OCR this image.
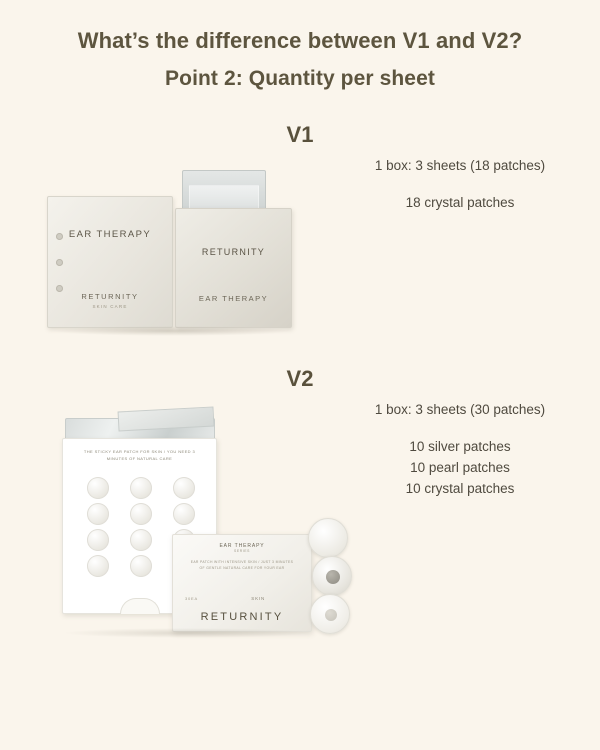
What’s the difference between V1 and V2?
Point 2: Quantity per sheet
V1
EAR THERAPY
RETURNITY
SKIN CARE
RETURNITY
EAR THERAPY
1 box: 3 sheets (18 patches)
18 crystal patches
V2
THE STICKY EAR PATCH FOR SKIN / YOU NEED 3 MINUTES OF NATURAL CARE
EAR THERAPY
SERIES
EAR PATCH WITH INTENSIVE SKIN / JUST 3 MINUTES OF GENTLE NATURAL CARE FOR YOUR EAR
30EA	SKIN
RETURNITY
1 box: 3 sheets (30 patches)
10 silver patches
10 pearl patches
10 crystal patches
